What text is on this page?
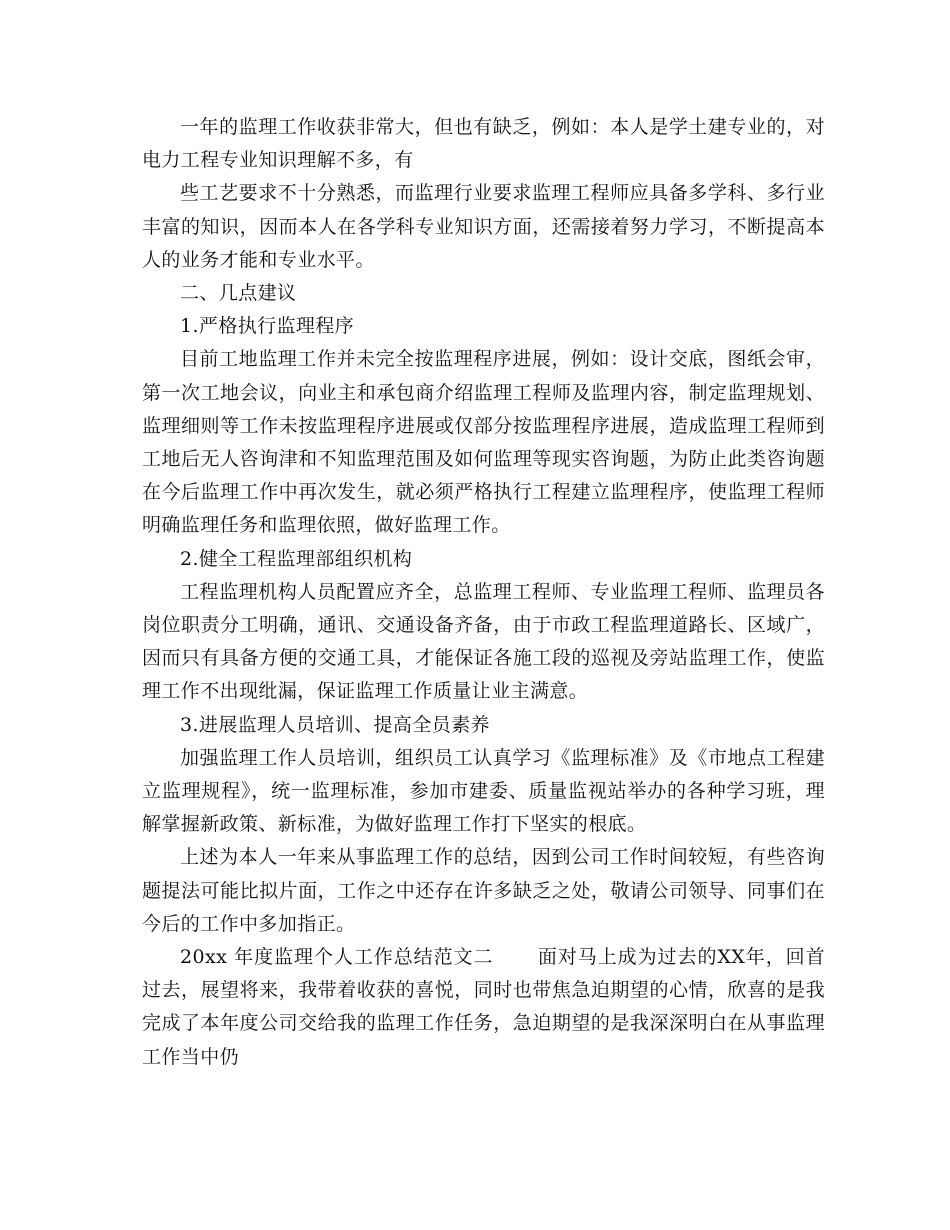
一年的监理工作收获非常大，但也有缺乏，例如：本人是学土建专业的，对电力工程专业知识理解不多，有

些工艺要求不十分熟悉，而监理行业要求监理工程师应具备多学科、多行业丰富的知识，因而本人在各学科专业知识方面，还需接着努力学习，不断提高本人的业务才能和专业水平。

二、几点建议

1.严格执行监理程序

目前工地监理工作并未完全按监理程序进展，例如：设计交底，图纸会审，第一次工地会议，向业主和承包商介绍监理工程师及监理内容，制定监理规划、监理细则等工作未按监理程序进展或仅部分按监理程序进展，造成监理工程师到工地后无人咨询津和不知监理范围及如何监理等现实咨询题，为防止此类咨询题在今后监理工作中再次发生，就必须严格执行工程建立监理程序，使监理工程师明确监理任务和监理依照，做好监理工作。

2.健全工程监理部组织机构

工程监理机构人员配置应齐全，总监理工程师、专业监理工程师、监理员各岗位职责分工明确，通讯、交通设备齐备，由于市政工程监理道路长、区域广，因而只有具备方便的交通工具，才能保证各施工段的巡视及旁站监理工作，使监理工作不出现纰漏，保证监理工作质量让业主满意。

3.进展监理人员培训、提高全员素养

加强监理工作人员培训，组织员工认真学习《监理标准》及《市地点工程建立监理规程》，统一监理标准，参加市建委、质量监视站举办的各种学习班，理解掌握新政策、新标准，为做好监理工作打下坚实的根底。

上述为本人一年来从事监理工作的总结，因到公司工作时间较短，有些咨询题提法可能比拟片面，工作之中还存在许多缺乏之处，敬请公司领导、同事们在今后的工作中多加指正。

20xx 年度监理个人工作总结范文二 面对马上成为过去的XX年，回首过去，展望将来，我带着收获的喜悦，同时也带焦急迫期望的心情，欣喜的是我完成了本年度公司交给我的监理工作任务，急迫期望的是我深深明白在从事监理工作当中仍
